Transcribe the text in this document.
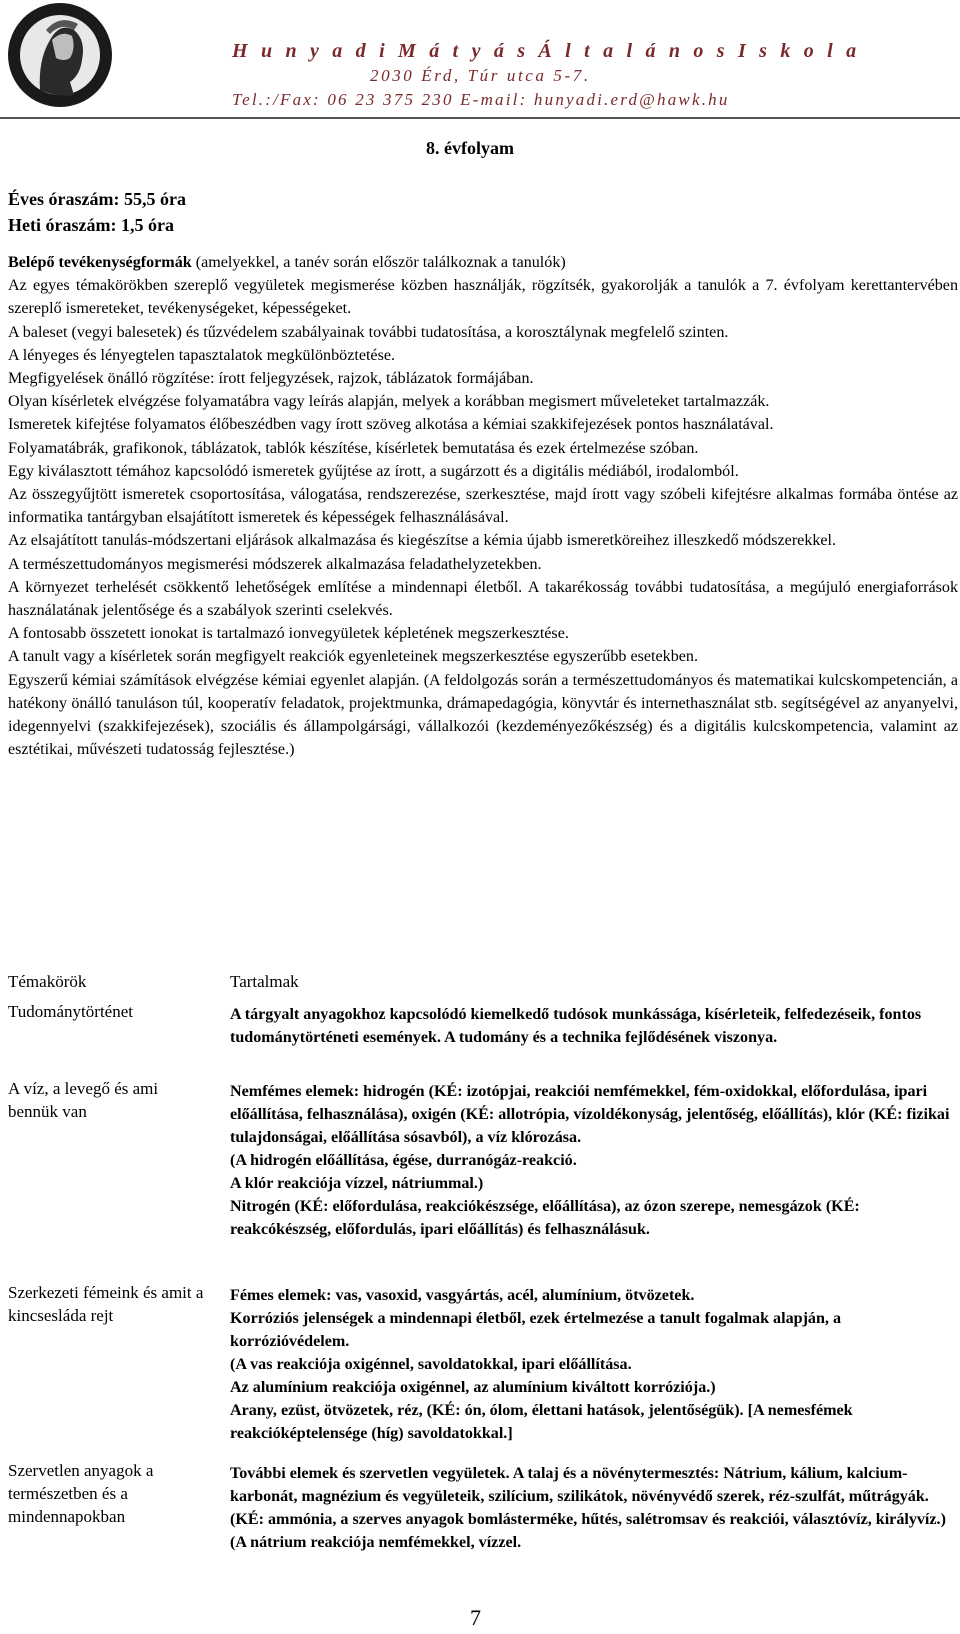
H u n y a d i M á t y á s Á l t a l á n o s I s k o l a
2030 Érd, Túr utca 5-7.
Tel.:/Fax: 06 23 375 230 E-mail: hunyadi.erd@hawk.hu
8. évfolyam
Éves óraszám: 55,5 óra
Heti óraszám: 1,5 óra

Belépő tevékenységformák (amelyekkel, a tanév során először találkoznak a tanulók)

Az egyes témakörökben szereplő vegyületek megismerése közben használják, rögzítsék, gyakorolják a tanulók a 7. évfolyam kerettantervében szereplő ismereteket, tevékenységeket, képességeket.

A baleset (vegyi balesetek) és tűzvédelem szabályainak további tudatosítása, a korosztálynak megfelelő szinten.

A lényeges és lényegtelen tapasztalatok megkülönböztetése.

Megfigyelések önálló rögzítése: írott feljegyzések, rajzok, táblázatok formájában.

Olyan kísérletek elvégzése folyamatábra vagy leírás alapján, melyek a korábban megismert műveleteket tartalmazzák.

Ismeretek kifejtése folyamatos élőbeszédben vagy írott szöveg alkotása a kémiai szakkifejezések pontos használatával.

Folyamatábrák, grafikonok, táblázatok, tablók készítése, kísérletek bemutatása és ezek értelmezése szóban.

Egy kiválasztott témához kapcsolódó ismeretek gyűjtése az írott, a sugárzott és a digitális médiából, irodalomból.

Az összegyűjtött ismeretek csoportosítása, válogatása, rendszerezése, szerkesztése, majd írott vagy szóbeli kifejtésre alkalmas formába öntése az informatika tantárgyban elsajátított ismeretek és képességek felhasználásával.

Az elsajátított tanulás-módszertani eljárások alkalmazása és kiegészítse a kémia újabb ismeretköreihez illeszkedő módszerekkel.

A természettudományos megismerési módszerek alkalmazása feladathelyzetekben.

A környezet terhelését csökkentő lehetőségek említése a mindennapi életből. A takarékosság további tudatosítása, a megújuló energiaforrások használatának jelentősége és a szabályok szerinti cselekvés.

A fontosabb összetett ionokat is tartalmazó ionvegyületek képletének megszerkesztése.

A tanult vagy a kísérletek során megfigyelt reakciók egyenleteinek megszerkesztése egyszerűbb esetekben.

Egyszerű kémiai számítások elvégzése kémiai egyenlet alapján. (A feldolgozás során a természettudományos és matematikai kulcskompetencián, a hatékony önálló tanuláson túl, kooperatív feladatok, projektmunka, drámapedagógia, könyvtár és internethasználat stb. segítségével az anyanyelvi, idegennyelvi (szakkifejezések), szociális és állampolgársági, vállalkozói (kezdeményezőkészség) és a digitális kulcskompetencia, valamint az esztétikai, művészeti tudatosság fejlesztése.)

Témakörök	Tartalmak
Tudománytörténet	A tárgyalt anyagokhoz kapcsolódó kiemelkedő tudósok munkássága, kísérleteik, felfedezéseik, fontos tudománytörténeti események. A tudomány és a technika fejlődésének viszonya.

A víz, a levegő és ami bennük van

Nemfémes elemek: hidrogén (KÉ: izotópjai, reakciói nemfémekkel, fém-oxidokkal, előfordulása, ipari előállítása, felhasználása), oxigén (KÉ: allotrópia, vízoldékonyság, jelentőség, előállítás), klór (KÉ: fizikai tulajdonságai, előállítása sósavból), a víz klórozása.

(A hidrogén előállítása, égése, durranógáz-reakció.

A klór reakciója vízzel, nátriummal.)

Nitrogén (KÉ: előfordulása, reakciókészsége, előállítása), az ózon szerepe, nemesgázok (KÉ: reakcókészség, előfordulás, ipari előállítás) és felhasználásuk.

Szerkezeti fémeink és amit a kincsesláda rejt

Fémes elemek: vas, vasoxid, vasgyártás, acél, alumínium, ötvözetek.

Korróziós jelenségek a mindennapi életből, ezek értelmezése a tanult fogalmak alapján, a korrózióvédelem.

(A vas reakciója oxigénnel, savoldatokkal, ipari előállítása.

Az alumínium reakciója oxigénnel, az alumínium kiváltott korróziója.)

Arany, ezüst, ötvözetek, réz, (KÉ: ón, ólom, élettani hatások, jelentőségük). [A nemesfémek reakcióképtelensége (híg) savoldatokkal.]

Szervetlen anyagok a természetben és a mindennapokban

További elemek és szervetlen vegyületek. A talaj és a növénytermesztés: Nátrium, kálium, kalcium-karbonát, magnézium és vegyületeik, szilícium, szilikátok, növényvédő szerek, réz-szulfát, műtrágyák.(KÉ: ammónia, a szerves anyagok bomlásterméke, hűtés, salétromsav és reakciói, választóvíz, királyvíz.)

(A nátrium reakciója nemfémekkel, vízzel.

7
